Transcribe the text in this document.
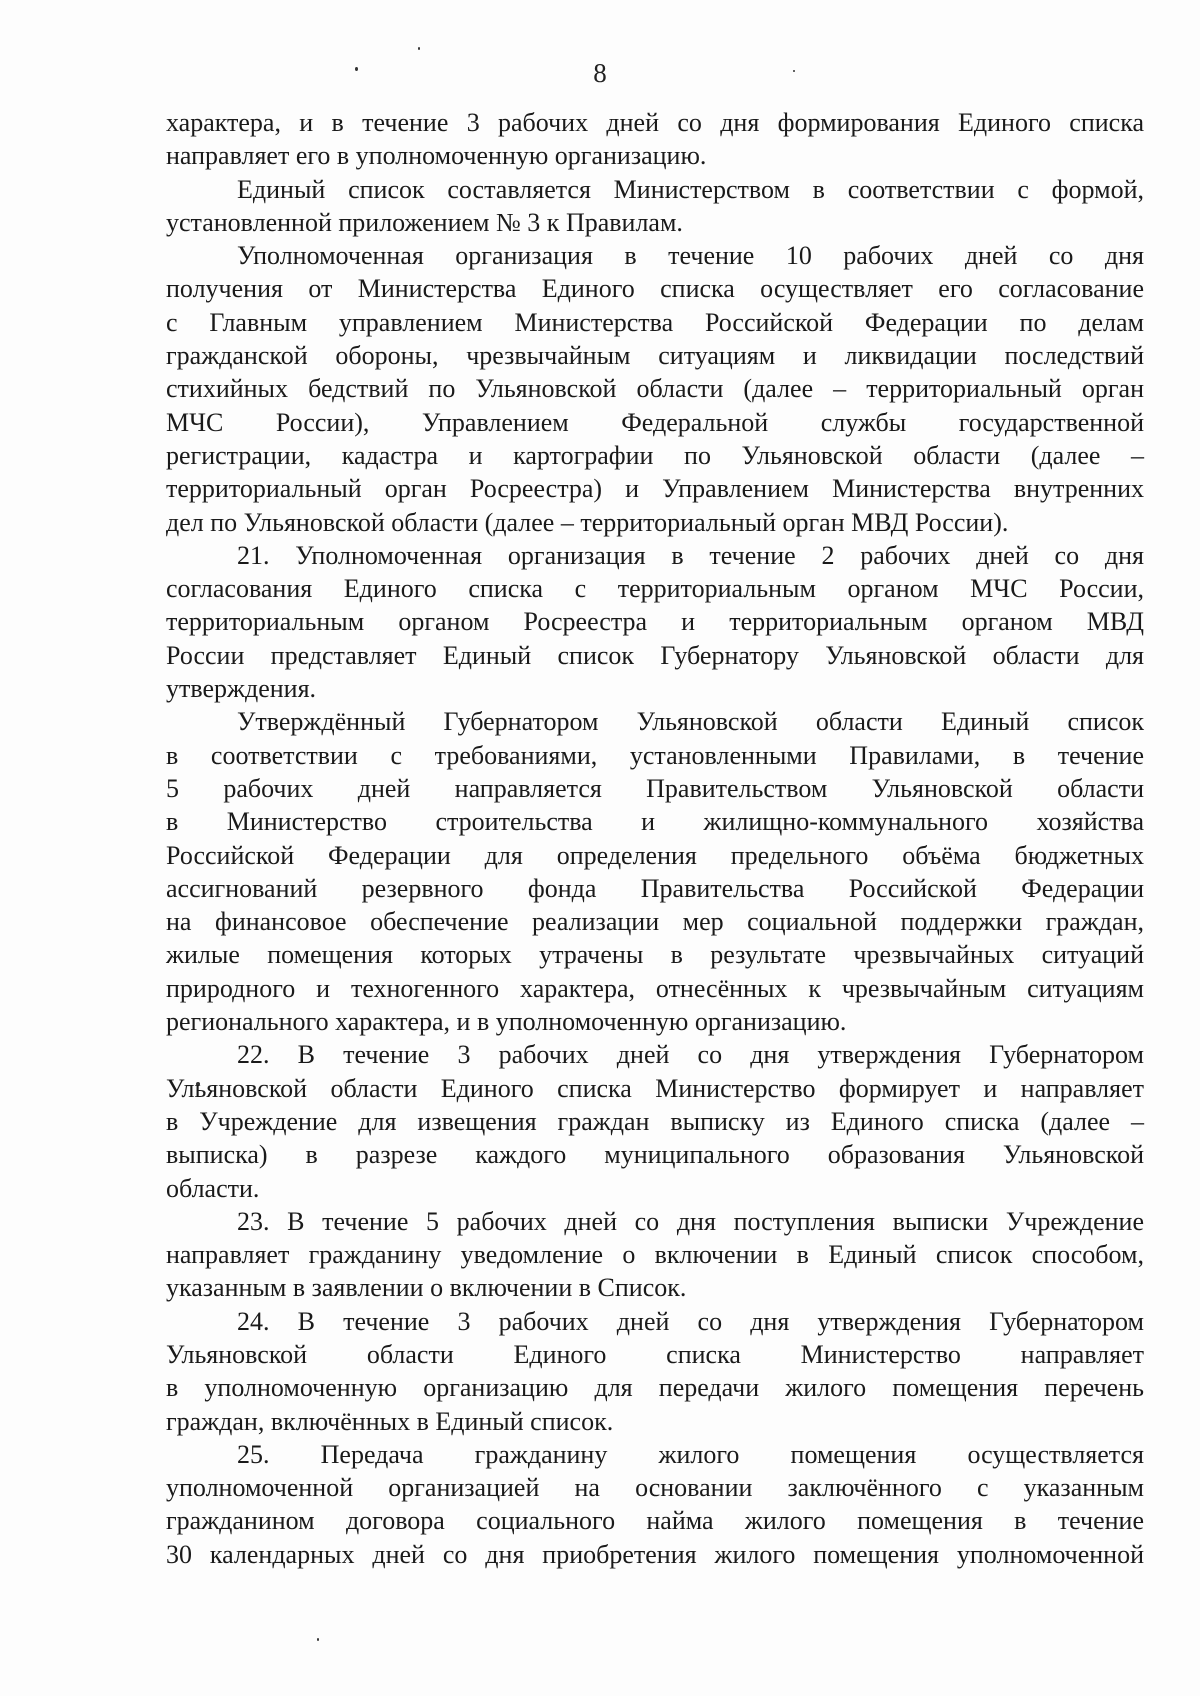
8
характера, и в течение 3 рабочих дней со дня формирования Единого списка
направляет его в уполномоченную организацию.
Единый список составляется Министерством в соответствии с формой,
установленной приложением № 3 к Правилам.
Уполномоченная организация в течение 10 рабочих дней со дня
получения от Министерства Единого списка осуществляет его согласование
с Главным управлением Министерства Российской Федерации по делам
гражданской обороны, чрезвычайным ситуациям и ликвидации последствий
стихийных бедствий по Ульяновской области (далее – территориальный орган
МЧС России), Управлением Федеральной службы государственной
регистрации, кадастра и картографии по Ульяновской области (далее –
территориальный орган Росреестра) и Управлением Министерства внутренних
дел по Ульяновской области (далее – территориальный орган МВД России).
21. Уполномоченная организация в течение 2 рабочих дней со дня
согласования Единого списка с территориальным органом МЧС России,
территориальным органом Росреестра и территориальным органом МВД
России представляет Единый список Губернатору Ульяновской области для
утверждения.
Утверждённый Губернатором Ульяновской области Единый список
в соответствии с требованиями, установленными Правилами, в течение
5 рабочих дней направляется Правительством Ульяновской области
в Министерство строительства и жилищно-коммунального хозяйства
Российской Федерации для определения предельного объёма бюджетных
ассигнований резервного фонда Правительства Российской Федерации
на финансовое обеспечение реализации мер социальной поддержки граждан,
жилые помещения которых утрачены в результате чрезвычайных ситуаций
природного и техногенного характера, отнесённых к чрезвычайным ситуациям
регионального характера, и в уполномоченную организацию.
22. В течение 3 рабочих дней со дня утверждения Губернатором
Ульяновской области Единого списка Министерство формирует и направляет
в Учреждение для извещения граждан выписку из Единого списка (далее –
выписка) в разрезе каждого муниципального образования Ульяновской
области.
23. В течение 5 рабочих дней со дня поступления выписки Учреждение
направляет гражданину уведомление о включении в Единый список способом,
указанным в заявлении о включении в Список.
24. В течение 3 рабочих дней со дня утверждения Губернатором
Ульяновской области Единого списка Министерство направляет
в уполномоченную организацию для передачи жилого помещения перечень
граждан, включённых в Единый список.
25. Передача гражданину жилого помещения осуществляется
уполномоченной организацией на основании заключённого с указанным
гражданином договора социального найма жилого помещения в течение
30 календарных дней со дня приобретения жилого помещения уполномоченной
